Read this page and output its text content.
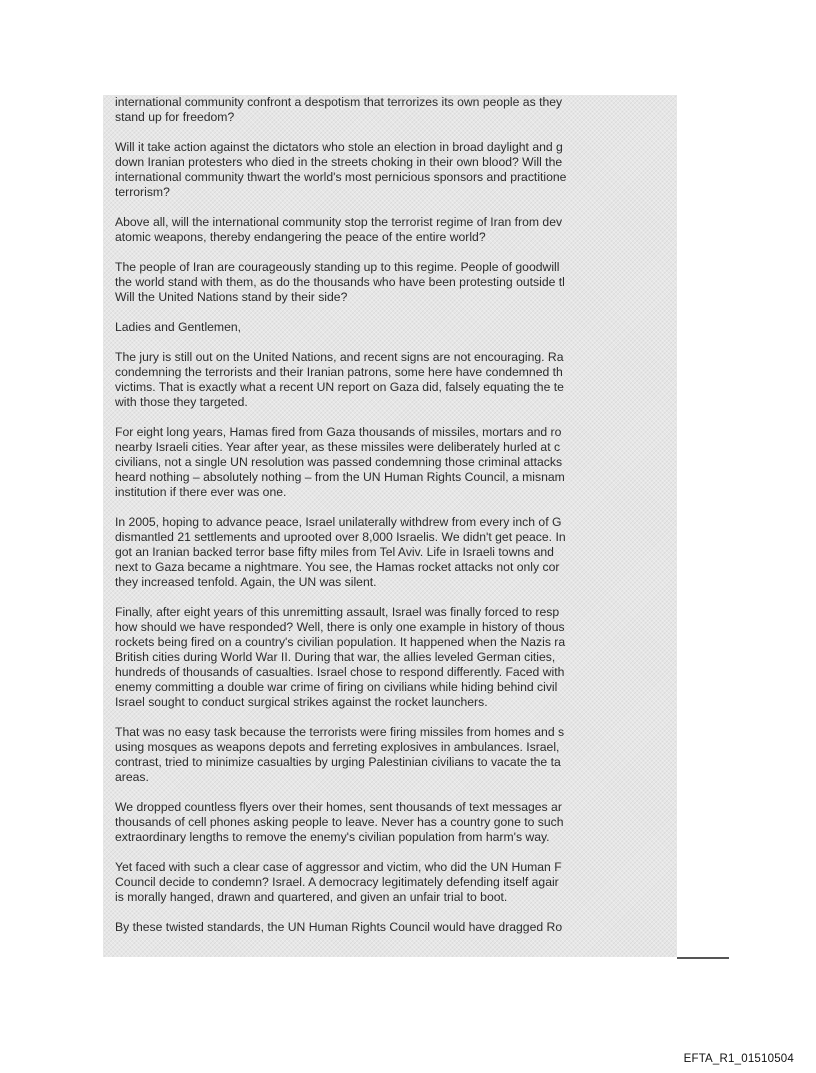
international community confront a despotism that terrorizes its own people as they
stand up for freedom?
Will it take action against the dictators who stole an election in broad daylight and g
down Iranian protesters who died in the streets choking in their own blood? Will the
international community thwart the world's most pernicious sponsors and practitione
terrorism?
Above all, will the international community stop the terrorist regime of Iran from dev
atomic weapons, thereby endangering the peace of the entire world?
The people of Iran are courageously standing up to this regime. People of goodwill
the world stand with them, as do the thousands who have been protesting outside tl
Will the United Nations stand by their side?
Ladies and Gentlemen,
The jury is still out on the United Nations, and recent signs are not encouraging. Ra
condemning the terrorists and their Iranian patrons, some here have condemned th
victims. That is exactly what a recent UN report on Gaza did, falsely equating the te
with those they targeted.
For eight long years, Hamas fired from Gaza thousands of missiles, mortars and ro
nearby Israeli cities. Year after year, as these missiles were deliberately hurled at c
civilians, not a single UN resolution was passed condemning those criminal attacks
heard nothing – absolutely nothing – from the UN Human Rights Council, a misnam
institution if there ever was one.
In 2005, hoping to advance peace, Israel unilaterally withdrew from every inch of G
dismantled 21 settlements and uprooted over 8,000 Israelis. We didn't get peace. In
got an Iranian backed terror base fifty miles from Tel Aviv. Life in Israeli towns and
next to Gaza became a nightmare. You see, the Hamas rocket attacks not only cor
they increased tenfold. Again, the UN was silent.
Finally, after eight years of this unremitting assault, Israel was finally forced to resp
how should we have responded? Well, there is only one example in history of thous
rockets being fired on a country's civilian population. It happened when the Nazis ra
British cities during World War II. During that war, the allies leveled German cities,
hundreds of thousands of casualties. Israel chose to respond differently. Faced with
enemy committing a double war crime of firing on civilians while hiding behind civil
Israel sought to conduct surgical strikes against the rocket launchers.
That was no easy task because the terrorists were firing missiles from homes and s
using mosques as weapons depots and ferreting explosives in ambulances. Israel,
contrast, tried to minimize casualties by urging Palestinian civilians to vacate the ta
areas.
We dropped countless flyers over their homes, sent thousands of text messages ar
thousands of cell phones asking people to leave. Never has a country gone to such
extraordinary lengths to remove the enemy's civilian population from harm's way.
Yet faced with such a clear case of aggressor and victim, who did the UN Human F
Council decide to condemn? Israel. A democracy legitimately defending itself agair
is morally hanged, drawn and quartered, and given an unfair trial to boot.
By these twisted standards, the UN Human Rights Council would have dragged Ro
EFTA_R1_01510504
